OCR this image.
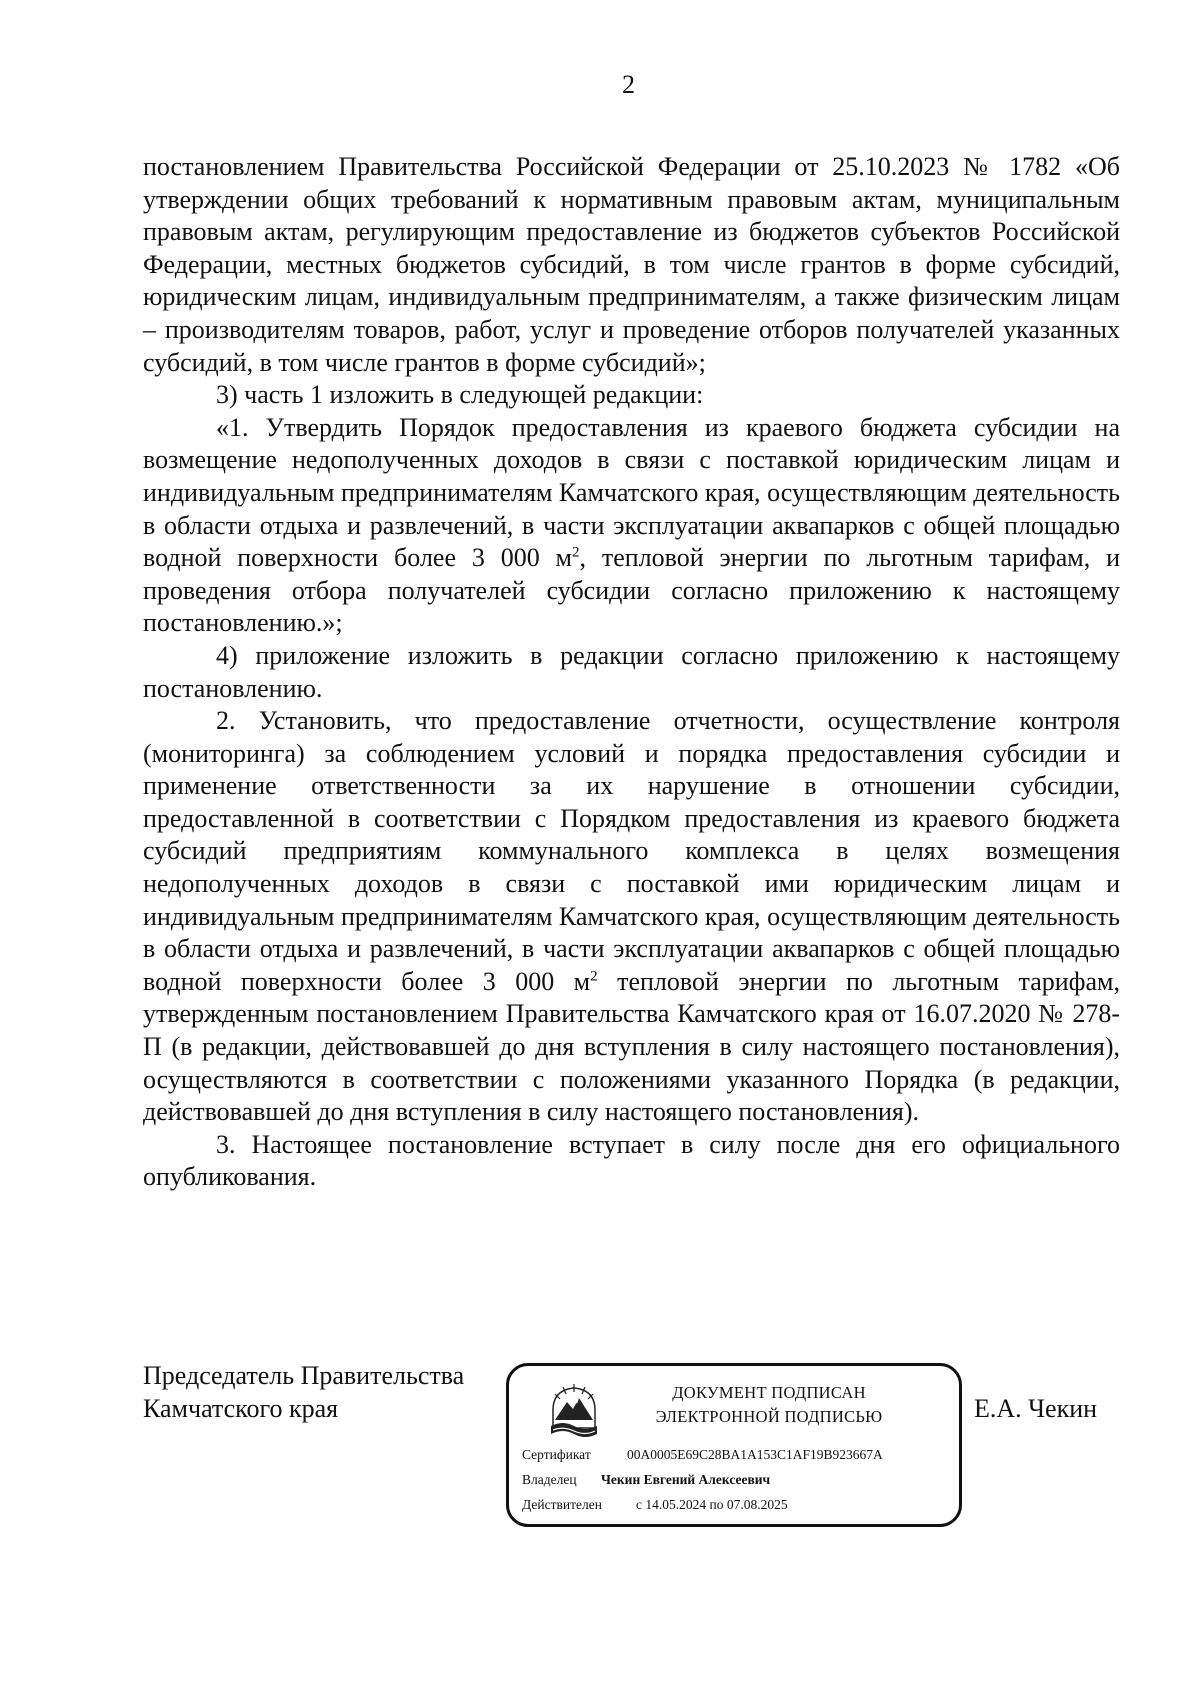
2

постановлением Правительства Российской Федерации от 25.10.2023 № 1782 «Об утверждении общих требований к нормативным правовым актам, муниципальным правовым актам, регулирующим предоставление из бюджетов субъектов Российской Федерации, местных бюджетов субсидий, в том числе грантов в форме субсидий, юридическим лицам, индивидуальным предпринимателям, а также физическим лицам – производителям товаров, работ, услуг и проведение отборов получателей указанных субсидий, в том числе грантов в форме субсидий»;

3) часть 1 изложить в следующей редакции:

«1. Утвердить Порядок предоставления из краевого бюджета субсидии на возмещение недополученных доходов в связи с поставкой юридическим лицам и индивидуальным предпринимателям Камчатского края, осуществляющим деятельность в области отдыха и развлечений, в части эксплуатации аквапарков с общей площадью водной поверхности более 3 000 $м^2$, тепловой энергии по льготным тарифам, и проведения отбора получателей субсидии согласно приложению к настоящему постановлению.»;

4) приложение изложить в редакции согласно приложению к настоящему постановлению.

2. Установить, что предоставление отчетности, осуществление контроля (мониторинга) за соблюдением условий и порядка предоставления субсидии и применение ответственности за их нарушение в отношении субсидии, предоставленной в соответствии с Порядком предоставления из краевого бюджета субсидий предприятиям коммунального комплекса в целях возмещения недополученных доходов в связи с поставкой ими юридическим лицам и индивидуальным предпринимателям Камчатского края, осуществляющим деятельность в области отдыха и развлечений, в части эксплуатации аквапарков с общей площадью водной поверхности более 3 000 $м^2$ тепловой энергии по льготным тарифам, утвержденным постановлением Правительства Камчатского края от 16.07.2020 № 278-П (в редакции, действовавшей до дня вступления в силу настоящего постановления), осуществляются в соответствии с положениями указанного Порядка (в редакции, действовавшей до дня вступления в силу настоящего постановления).

3. Настоящее постановление вступает в силу после дня его официального опубликования.

Председатель Правительства
Камчатского края
ДОКУМЕНТ ПОДПИСАН
ЭЛЕКТРОННОЙ ПОДПИСЬЮ
Сертификат	00A0005E69C28BA1A153C1AF19B923667A
Владелец Чекин Евгений Алексеевич
Действителен	с 14.05.2024 по 07.08.2025
Е.А. Чекин
